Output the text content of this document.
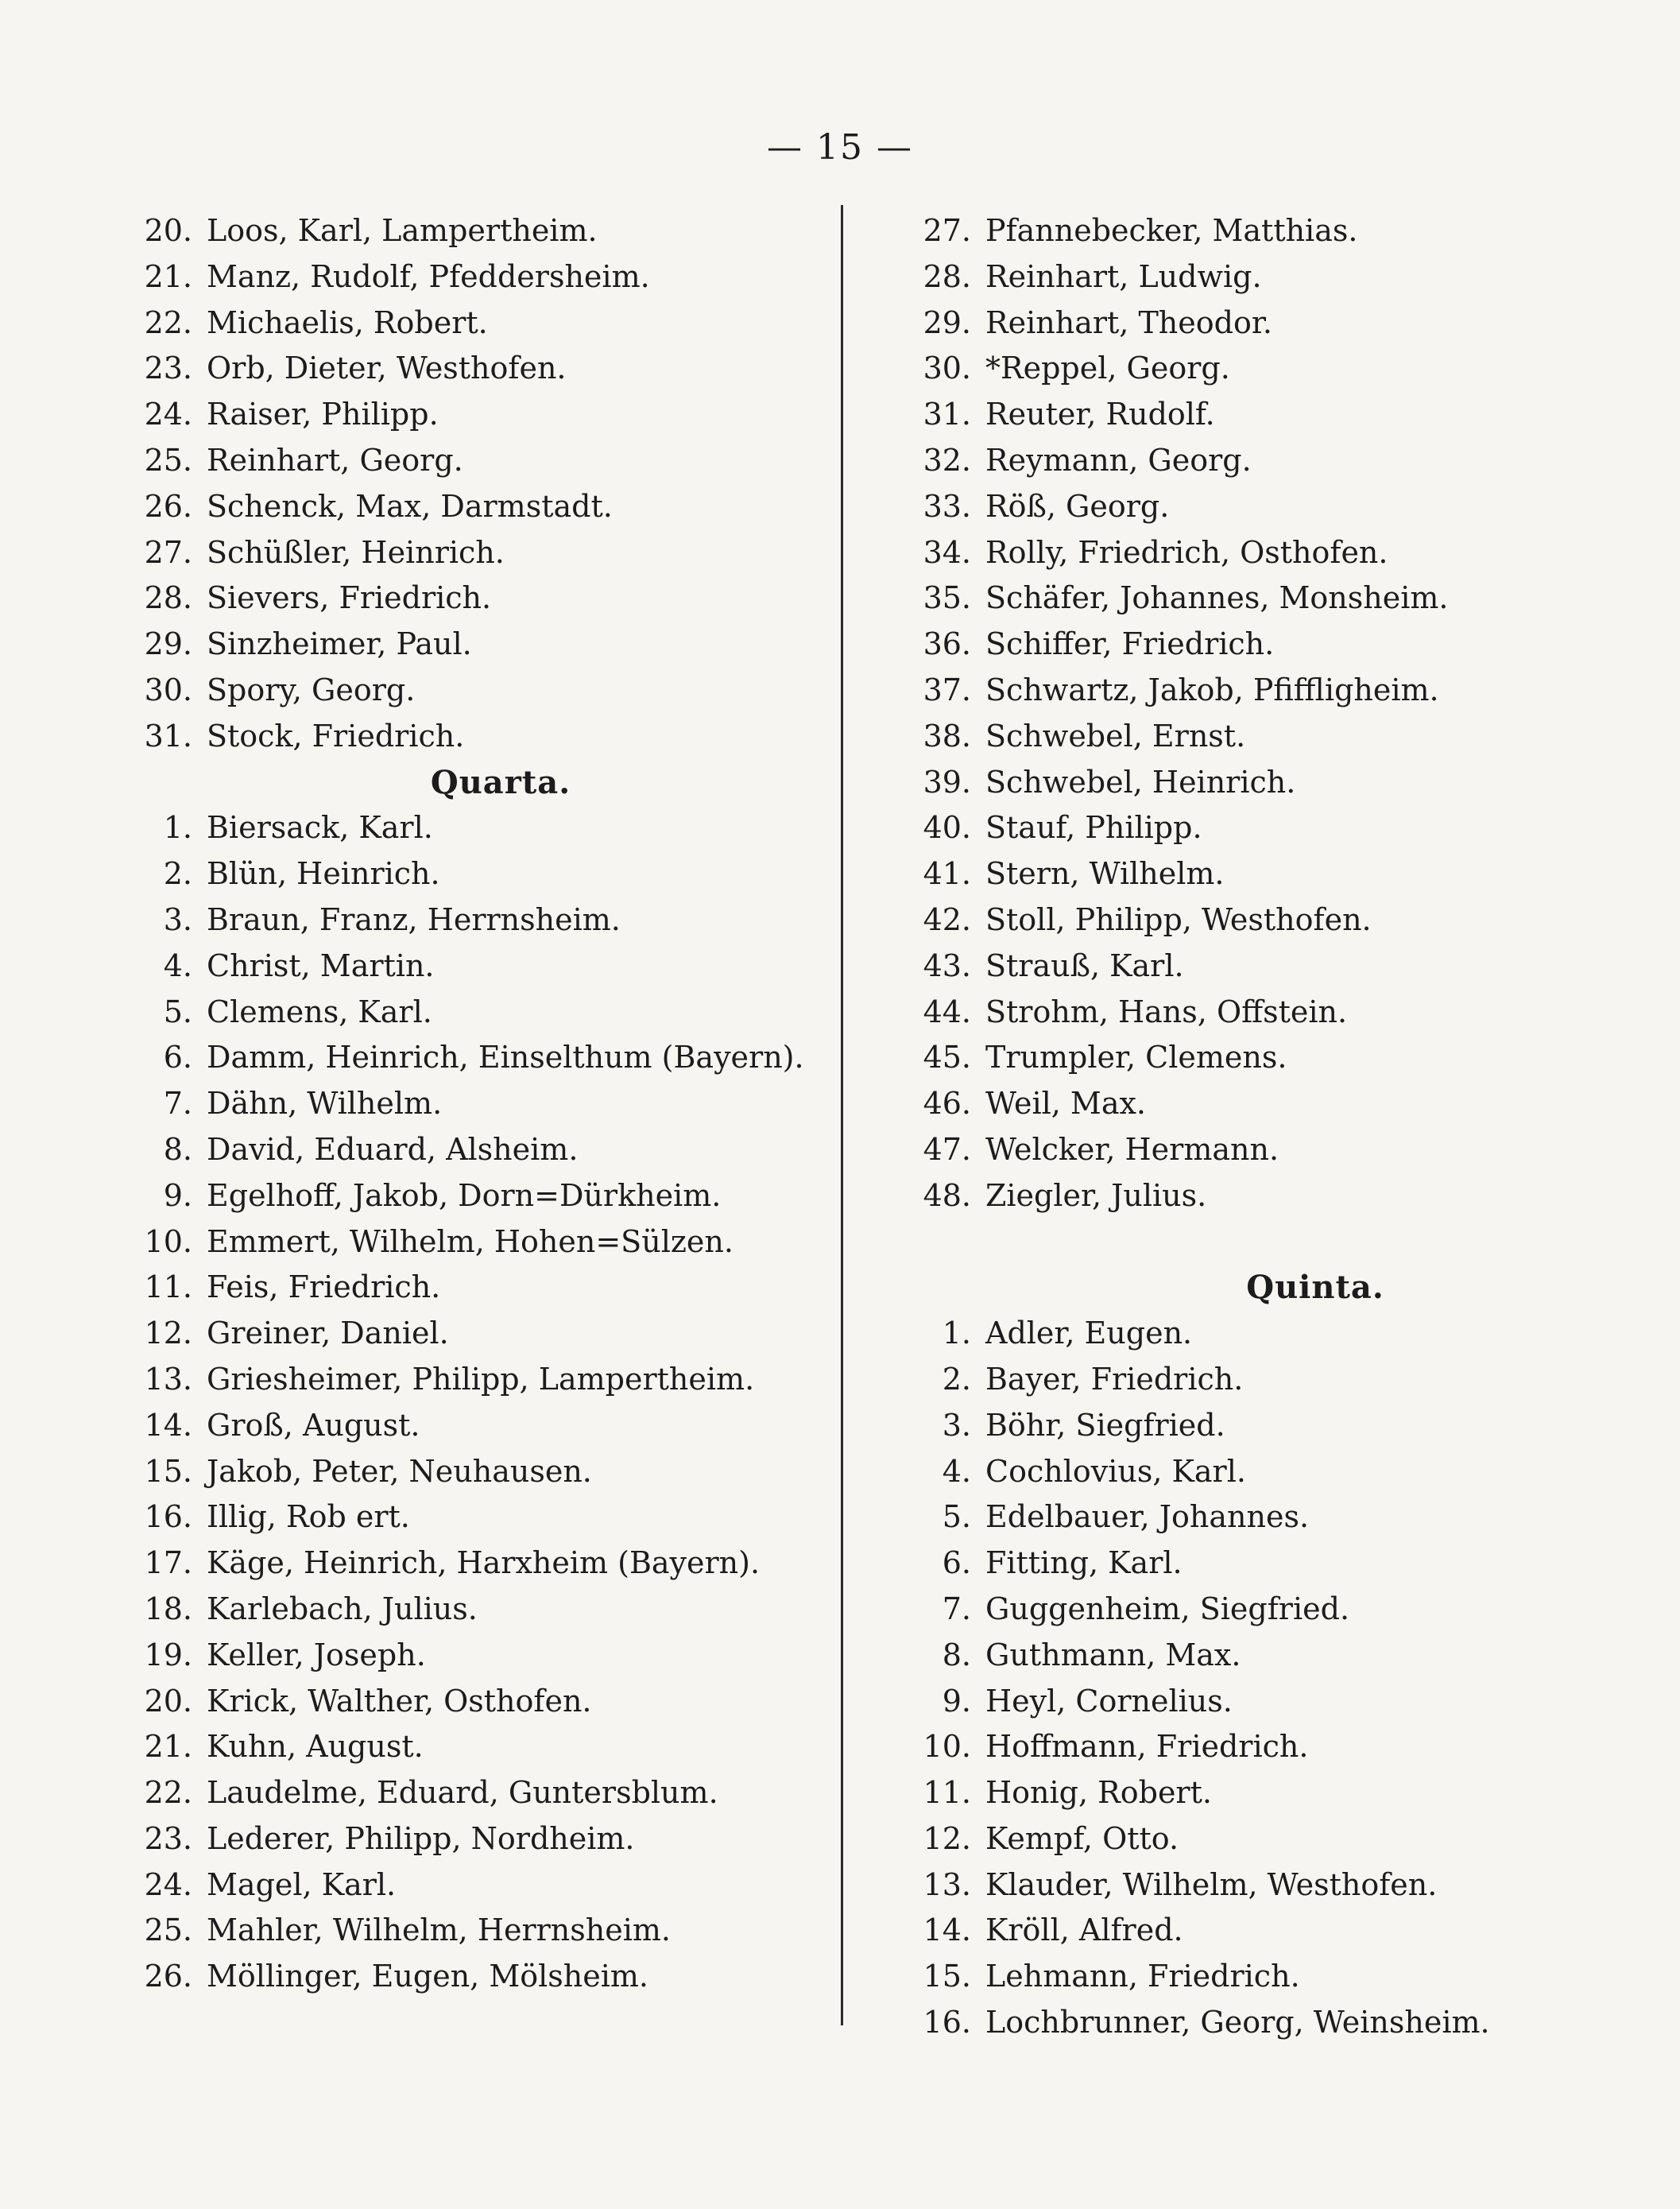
— 15 —
20. Loos, Karl, Lampertheim.
21. Manz, Rudolf, Pfeddersheim.
22. Michaelis, Robert.
23. Orb, Dieter, Westhofen.
24. Raiser, Philipp.
25. Reinhart, Georg.
26. Schenck, Max, Darmstadt.
27. Schüßler, Heinrich.
28. Sievers, Friedrich.
29. Sinzheimer, Paul.
30. Spory, Georg.
31. Stock, Friedrich.
Quarta.
1. Biersack, Karl.
2. Blün, Heinrich.
3. Braun, Franz, Herrnsheim.
4. Christ, Martin.
5. Clemens, Karl.
6. Damm, Heinrich, Einselthum (Bayern).
7. Dähn, Wilhelm.
8. David, Eduard, Alsheim.
9. Egelhoff, Jakob, Dorn=Dürkheim.
10. Emmert, Wilhelm, Hohen=Sülzen.
11. Feis, Friedrich.
12. Greiner, Daniel.
13. Griesheimer, Philipp, Lampertheim.
14. Groß, August.
15. Jakob, Peter, Neuhausen.
16. Illig, Rob ert.
17. Käge, Heinrich, Harxheim (Bayern).
18. Karlebach, Julius.
19. Keller, Joseph.
20. Krick, Walther, Osthofen.
21. Kuhn, August.
22. Laudelme, Eduard, Guntersblum.
23. Lederer, Philipp, Nordheim.
24. Magel, Karl.
25. Mahler, Wilhelm, Herrnsheim.
26. Möllinger, Eugen, Mölsheim.
27. Pfannebecker, Matthias.
28. Reinhart, Ludwig.
29. Reinhart, Theodor.
30. *Reppel, Georg.
31. Reuter, Rudolf.
32. Reymann, Georg.
33. Röß, Georg.
34. Rolly, Friedrich, Osthofen.
35. Schäfer, Johannes, Monsheim.
36. Schiffer, Friedrich.
37. Schwartz, Jakob, Pfiffligheim.
38. Schwebel, Ernst.
39. Schwebel, Heinrich.
40. Stauf, Philipp.
41. Stern, Wilhelm.
42. Stoll, Philipp, Westhofen.
43. Strauß, Karl.
44. Strohm, Hans, Offstein.
45. Trumpler, Clemens.
46. Weil, Max.
47. Welcker, Hermann.
48. Ziegler, Julius.
Quinta.
1. Adler, Eugen.
2. Bayer, Friedrich.
3. Böhr, Siegfried.
4. Cochlovius, Karl.
5. Edelbauer, Johannes.
6. Fitting, Karl.
7. Guggenheim, Siegfried.
8. Guthmann, Max.
9. Heyl, Cornelius.
10. Hoffmann, Friedrich.
11. Honig, Robert.
12. Kempf, Otto.
13. Klauder, Wilhelm, Westhofen.
14. Kröll, Alfred.
15. Lehmann, Friedrich.
16. Lochbrunner, Georg, Weinsheim.
